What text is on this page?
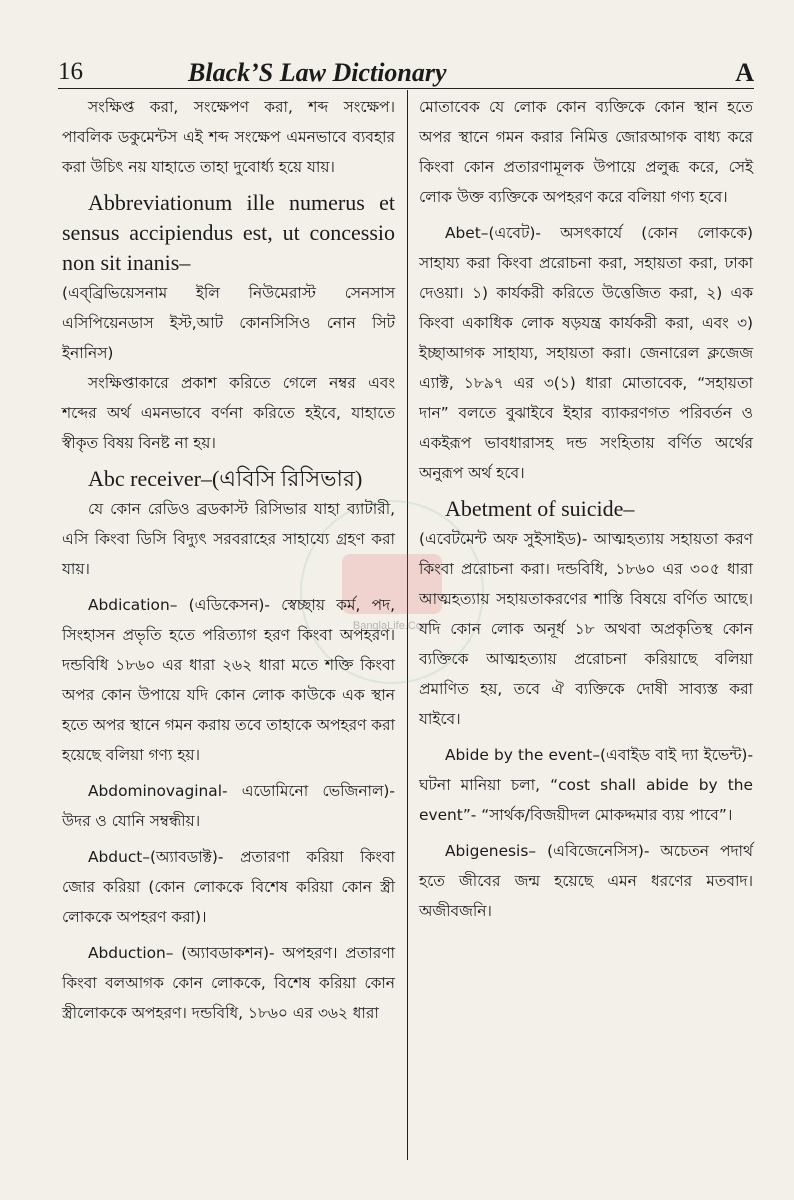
16	Black’S Law Dictionary	A
BanglaLife.Com

সংক্ষিপ্ত করা, সংক্ষেপণ করা, শব্দ সংক্ষেপ। পাবলিক ডকুমেন্টস এই শব্দ সংক্ষেপ এমনভাবে ব্যবহার করা উচিৎ নয় যাহাতে তাহা দুবোর্ধ্য হয়ে যায়।

Abbreviationum ille numerus et sensus accipiendus est, ut concessio non sit inanis–

(এব্‌ব্রিভিয়েসনাম ইলি নিউমেরাস্ট সেনসাস এসিপিয়েনডাস ইস্ট,আট কোনসিসিও নোন সিট ইনানিস)

সংক্ষিপ্তাকারে প্রকাশ করিতে গেলে নম্বর এবং শব্দের অর্থ এমনভাবে বর্ণনা করিতে হইবে, যাহাতে স্বীকৃত বিষয় বিনষ্ট না হয়।

Abc receiver–(এবিসি রিসিভার)

যে কোন রেডিও ব্রডকাস্ট রিসিভার যাহা ব্যাটারী, এসি কিংবা ডিসি বিদ্যুৎ সরবরাহের সাহায্যে গ্রহণ করা যায়।

Abdication– (এডিকেসন)- স্বেচ্ছায় কর্ম, পদ, সিংহাসন প্রভৃতি হতে পরিত্যাগ হরণ কিংবা অপহরণ। দন্ডবিধি ১৮৬০ এর ধারা ২৬২ ধারা মতে শক্তি কিংবা অপর কোন উপায়ে যদি কোন লোক কাউকে এক স্থান হতে অপর স্থানে গমন করায় তবে তাহাকে অপহরণ করা হয়েছে বলিয়া গণ্য হয়।

Abdominovaginal- এডোমিনো ভেজিনাল)- উদর ও যোনি সম্বন্ধীয়।

Abduct–(অ্যাবডাক্ট)- প্রতারণা করিয়া কিংবা জোর করিয়া (কোন লোককে বিশেষ করিয়া কোন স্ত্রী লোককে অপহরণ করা)।

Abduction– (অ্যাবডাকশন)- অপহরণ। প্রতারণা কিংবা বলআগক কোন লোককে, বিশেষ করিয়া কোন স্ত্রীলোককে অপহরণ। দন্ডবিধি, ১৮৬০ এর ৩৬২ ধারা

মোতাবেক যে লোক কোন ব্যক্তিকে কোন স্থান হতে অপর স্থানে গমন করার নিমিত্ত জোরআগক বাধ্য করে কিংবা কোন প্রতারণামূলক উপায়ে প্রলুব্ধ করে, সেই লোক উক্ত ব্যক্তিকে অপহরণ করে বলিয়া গণ্য হবে।

Abet–(এবেট)- অসৎকার্যে (কোন লোককে) সাহায্য করা কিংবা প্ররোচনা করা, সহায়তা করা, ঢাকা দেওয়া। ১) কার্যকরী করিতে উত্তেজিত করা, ২) এক কিংবা একাধিক লোক ষড়যন্ত্র কার্যকরী করা, এবং ৩) ইচ্ছাআগক সাহায্য, সহায়তা করা। জেনারেল ক্লজেজ এ্যাক্ট, ১৮৯৭ এর ৩(১) ধারা মোতাবেক, “সহায়তা দান” বলতে বুঝাইবে ইহার ব্যাকরণগত পরিবর্তন ও একইরূপ ভাবধারাসহ দন্ড সংহিতায় বর্ণিত অর্থের অনুরূপ অর্থ হবে।

Abetment of suicide–

(এবেটমেন্ট অফ সুইসাইড)- আত্মহত্যায় সহায়তা করণ কিংবা প্ররোচনা করা। দন্ডবিধি, ১৮৬০ এর ৩০৫ ধারা আত্মহত্যায় সহায়তাকরণের শাস্তি বিষয়ে বর্ণিত আছে। যদি কোন লোক অনূর্ধ ১৮ অথবা অপ্রকৃতিস্থ কোন ব্যক্তিকে আত্মহত্যায় প্ররোচনা করিয়াছে বলিয়া প্রমাণিত হয়, তবে ঐ ব্যক্তিকে দোষী সাব্যস্ত করা যাইবে।

Abide by the event–(এবাইড বাই দ্যা ইভেন্ট)- ঘটনা মানিয়া চলা, “cost shall abide by the event”- “সার্থক/বিজয়ীদল মোকদ্দমার ব্যয় পাবে”।

Abigenesis– (এবিজেনেসিস)- অচেতন পদার্থ হতে জীবের জন্ম হয়েছে এমন ধরণের মতবাদ। অজীবজনি।
